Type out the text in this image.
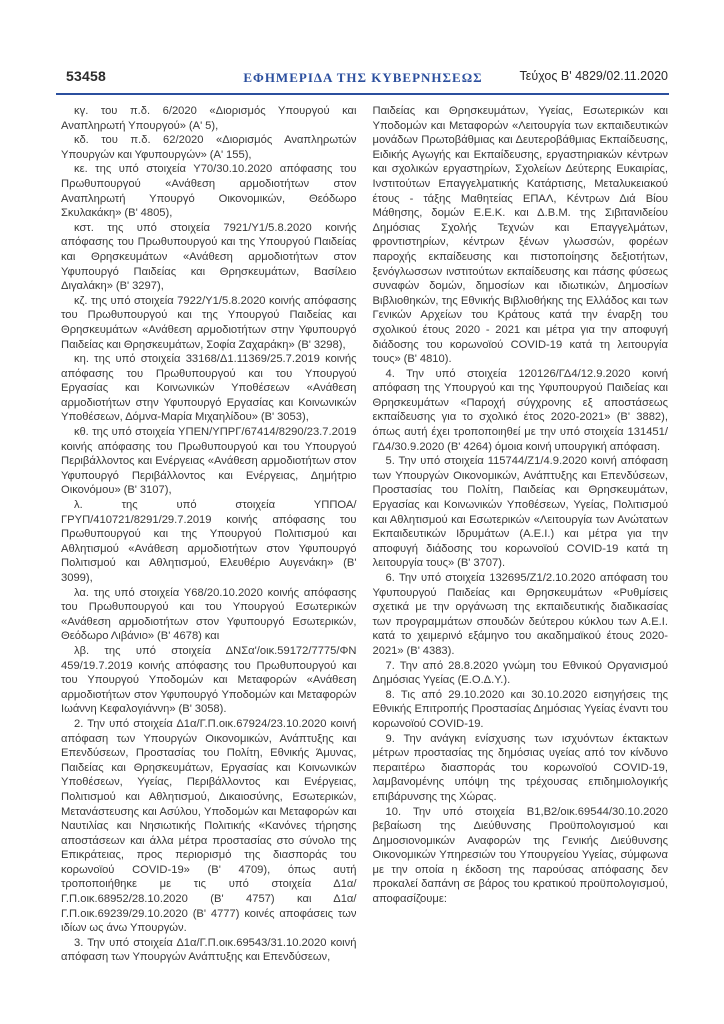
53458	ΕΦΗΜΕΡΙΔΑ ΤΗΣ ΚΥΒΕΡΝΗΣΕΩΣ	Τεύχος Β' 4829/02.11.2020

κγ. του π.δ. 6/2020 «Διορισμός Υπουργού και Αναπληρωτή Υπουργού» (Α' 5),

κδ. του π.δ. 62/2020 «Διορισμός Αναπληρωτών Υπουργών και Υφυπουργών» (Α' 155),

κε. της υπό στοιχεία Υ70/30.10.2020 απόφασης του Πρωθυπουργού «Ανάθεση αρμοδιοτήτων στον Αναπληρωτή Υπουργό Οικονομικών, Θεόδωρο Σκυλακάκη» (Β' 4805),

κστ. της υπό στοιχεία 7921/Υ1/5.8.2020 κοινής απόφασης του Πρωθυπουργού και της Υπουργού Παιδείας και Θρησκευμάτων «Ανάθεση αρμοδιοτήτων στον Υφυπουργό Παιδείας και Θρησκευμάτων, Βασίλειο Διγαλάκη» (Β' 3297),

κζ. της υπό στοιχεία 7922/Υ1/5.8.2020 κοινής απόφασης του Πρωθυπουργού και της Υπουργού Παιδείας και Θρησκευμάτων «Ανάθεση αρμοδιοτήτων στην Υφυπουργό Παιδείας και Θρησκευμάτων, Σοφία Ζαχαράκη» (Β' 3298),

κη. της υπό στοιχεία 33168/Δ1.11369/25.7.2019 κοινής απόφασης του Πρωθυπουργού και του Υπουργού Εργασίας και Κοινωνικών Υποθέσεων «Ανάθεση αρμοδιοτήτων στην Υφυπουργό Εργασίας και Κοινωνικών Υποθέσεων, Δόμνα-Μαρία Μιχαηλίδου» (Β' 3053),

κθ. της υπό στοιχεία ΥΠΕΝ/ΥΠΡΓ/67414/8290/23.7.2019 κοινής απόφασης του Πρωθυπουργού και του Υπουργού Περιβάλλοντος και Ενέργειας «Ανάθεση αρμοδιοτήτων στον Υφυπουργό Περιβάλλοντος και Ενέργειας, Δημήτριο Οικονόμου» (Β' 3107),

λ. της υπό στοιχεία ΥΠΠΟΑ/ΓΡΥΠ/410721/8291/29.7.2019 κοινής απόφασης του Πρωθυπουργού και της Υπουργού Πολιτισμού και Αθλητισμού «Ανάθεση αρμοδιοτήτων στον Υφυπουργό Πολιτισμού και Αθλητισμού, Ελευθέριο Αυγενάκη» (Β' 3099),

λα. της υπό στοιχεία Υ68/20.10.2020 κοινής απόφασης του Πρωθυπουργού και του Υπουργού Εσωτερικών «Ανάθεση αρμοδιοτήτων στον Υφυπουργό Εσωτερικών, Θεόδωρο Λιβάνιο» (Β' 4678) και

λβ. της υπό στοιχεία ΔΝΣα'/οικ.59172/7775/ΦΝ 459/19.7.2019 κοινής απόφασης του Πρωθυπουργού και του Υπουργού Υποδομών και Μεταφορών «Ανάθεση αρμοδιοτήτων στον Υφυπουργό Υποδομών και Μεταφορών Ιωάννη Κεφαλογιάννη» (Β' 3058).

2. Την υπό στοιχεία Δ1α/Γ.Π.οικ.67924/23.10.2020 κοινή απόφαση των Υπουργών Οικονομικών, Ανάπτυξης και Επενδύσεων, Προστασίας του Πολίτη, Εθνικής Άμυνας, Παιδείας και Θρησκευμάτων, Εργασίας και Κοινωνικών Υποθέσεων, Υγείας, Περιβάλλοντος και Ενέργειας, Πολιτισμού και Αθλητισμού, Δικαιοσύνης, Εσωτερικών, Μετανάστευσης και Ασύλου, Υποδομών και Μεταφορών και Ναυτιλίας και Νησιωτικής Πολιτικής «Κανόνες τήρησης αποστάσεων και άλλα μέτρα προστασίας στο σύνολο της Επικράτειας, προς περιορισμό της διασποράς του κορωνοϊού COVID-19» (Β' 4709), όπως αυτή τροποποιήθηκε με τις υπό στοιχεία Δ1α/Γ.Π.οικ.68952/28.10.2020 (Β' 4757) και Δ1α/Γ.Π.οικ.69239/29.10.2020 (Β' 4777) κοινές αποφάσεις των ιδίων ως άνω Υπουργών.

3. Την υπό στοιχεία Δ1α/Γ.Π.οικ.69543/31.10.2020 κοινή απόφαση των Υπουργών Ανάπτυξης και Επενδύσεων,

Παιδείας και Θρησκευμάτων, Υγείας, Εσωτερικών και Υποδομών και Μεταφορών «Λειτουργία των εκπαιδευτικών μονάδων Πρωτοβάθμιας και Δευτεροβάθμιας Εκπαίδευσης, Ειδικής Αγωγής και Εκπαίδευσης, εργαστηριακών κέντρων και σχολικών εργαστηρίων, Σχολείων Δεύτερης Ευκαιρίας, Ινστιτούτων Επαγγελματικής Κατάρτισης, Μεταλυκειακού έτους - τάξης Μαθητείας ΕΠΑΛ, Κέντρων Διά Βίου Μάθησης, δομών Ε.Ε.Κ. και Δ.Β.Μ. της Σιβιτανιδείου Δημόσιας Σχολής Τεχνών και Επαγγελμάτων, φροντιστηρίων, κέντρων ξένων γλωσσών, φορέων παροχής εκπαίδευσης και πιστοποίησης δεξιοτήτων, ξενόγλωσσων ινστιτούτων εκπαίδευσης και πάσης φύσεως συναφών δομών, δημοσίων και ιδιωτικών, Δημοσίων Βιβλιοθηκών, της Εθνικής Βιβλιοθήκης της Ελλάδος και των Γενικών Αρχείων του Κράτους κατά την έναρξη του σχολικού έτους 2020 - 2021 και μέτρα για την αποφυγή διάδοσης του κορωνοϊού COVID-19 κατά τη λειτουργία τους» (Β' 4810).

4. Την υπό στοιχεία 120126/ΓΔ4/12.9.2020 κοινή απόφαση της Υπουργού και της Υφυπουργού Παιδείας και Θρησκευμάτων «Παροχή σύγχρονης εξ αποστάσεως εκπαίδευσης για το σχολικό έτος 2020-2021» (Β' 3882), όπως αυτή έχει τροποποιηθεί με την υπό στοιχεία 131451/ΓΔ4/30.9.2020 (Β' 4264) όμοια κοινή υπουργική απόφαση.

5. Την υπό στοιχεία 115744/Ζ1/4.9.2020 κοινή απόφαση των Υπουργών Οικονομικών, Ανάπτυξης και Επενδύσεων, Προστασίας του Πολίτη, Παιδείας και Θρησκευμάτων, Εργασίας και Κοινωνικών Υποθέσεων, Υγείας, Πολιτισμού και Αθλητισμού και Εσωτερικών «Λειτουργία των Ανώτατων Εκπαιδευτικών Ιδρυμάτων (Α.Ε.Ι.) και μέτρα για την αποφυγή διάδοσης του κορωνοϊού COVID-19 κατά τη λειτουργία τους» (Β' 3707).

6. Την υπό στοιχεία 132695/Ζ1/2.10.2020 απόφαση του Υφυπουργού Παιδείας και Θρησκευμάτων «Ρυθμίσεις σχετικά με την οργάνωση της εκπαιδευτικής διαδικασίας των προγραμμάτων σπουδών δεύτερου κύκλου των Α.Ε.Ι. κατά το χειμερινό εξάμηνο του ακαδημαϊκού έτους 2020-2021» (Β' 4383).

7. Την από 28.8.2020 γνώμη του Εθνικού Οργανισμού Δημόσιας Υγείας (Ε.Ο.Δ.Υ.).

8. Τις από 29.10.2020 και 30.10.2020 εισηγήσεις της Εθνικής Επιτροπής Προστασίας Δημόσιας Υγείας έναντι του κορωνοϊού COVID-19.

9. Την ανάγκη ενίσχυσης των ισχυόντων έκτακτων μέτρων προστασίας της δημόσιας υγείας από τον κίνδυνο περαιτέρω διασποράς του κορωνοϊού COVID-19, λαμβανομένης υπόψη της τρέχουσας επιδημιολογικής επιβάρυνσης της Χώρας.

10. Την υπό στοιχεία Β1,Β2/οικ.69544/30.10.2020 βεβαίωση της Διεύθυνσης Προϋπολογισμού και Δημοσιονομικών Αναφορών της Γενικής Διεύθυνσης Οικονομικών Υπηρεσιών του Υπουργείου Υγείας, σύμφωνα με την οποία η έκδοση της παρούσας απόφασης δεν προκαλεί δαπάνη σε βάρος του κρατικού προϋπολογισμού, αποφασίζουμε:
